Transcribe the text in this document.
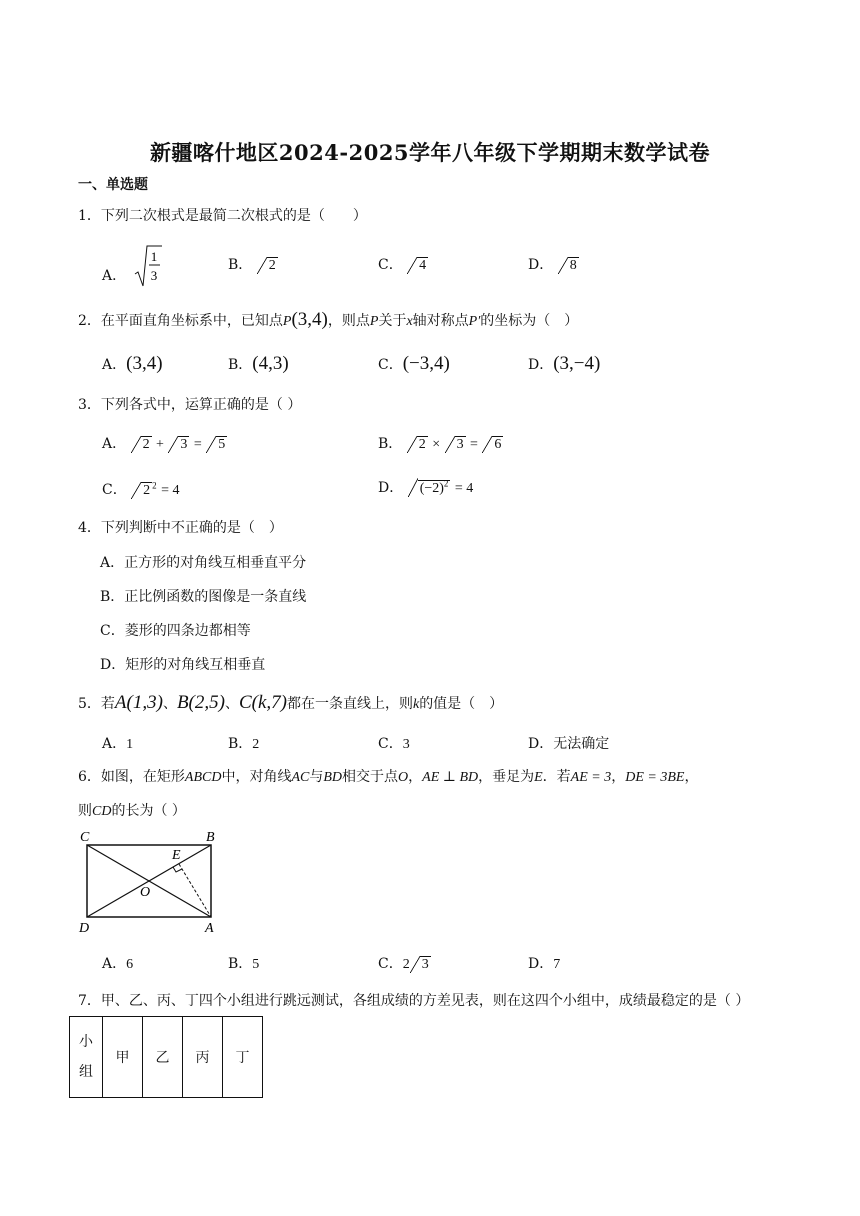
新疆喀什地区2024-2025学年八年级下学期期末数学试卷
一、单选题
1．下列二次根式是最简二次根式的是（　　）
A．
1
3
B． 2	C． 4	D． 8
2．在平面直角坐标系中，已知点P(3,4)，则点P关于x轴对称点P′的坐标为（　）
A．(3,4)	B．(4,3)	C．(−3,4)	D．(3,−4)
3．下列各式中，运算正确的是（ ）
A． 2 + 3 = 5	B． 2 × 3 = 6
C． 2 $^2$ = 4	D． $(-2)^2 = 4$
4．下列判断中不正确的是（　）
A．正方形的对角线互相垂直平分
B．正比例函数的图像是一条直线
C．菱形的四条边都相等
D．矩形的对角线互相垂直
5．若A(1,3)、B(2,5)、C(k,7)都在一条直线上，则k的值是（　）
A．1	B．2	C．3	D．无法确定
6．如图，在矩形ABCD中，对角线AC与BD相交于点O，AE ⊥ BD，垂足为E．若AE = 3，DE = 3BE，
则CD的长为（ ）
C	B
E
O
D	A
A．6	B．5	C．2 3	D．7
7．甲、乙、丙、丁四个小组进行跳远测试，各组成绩的方差见表，则在这四个小组中，成绩最稳定的是（ ）
小
组	甲	乙	丙	丁
